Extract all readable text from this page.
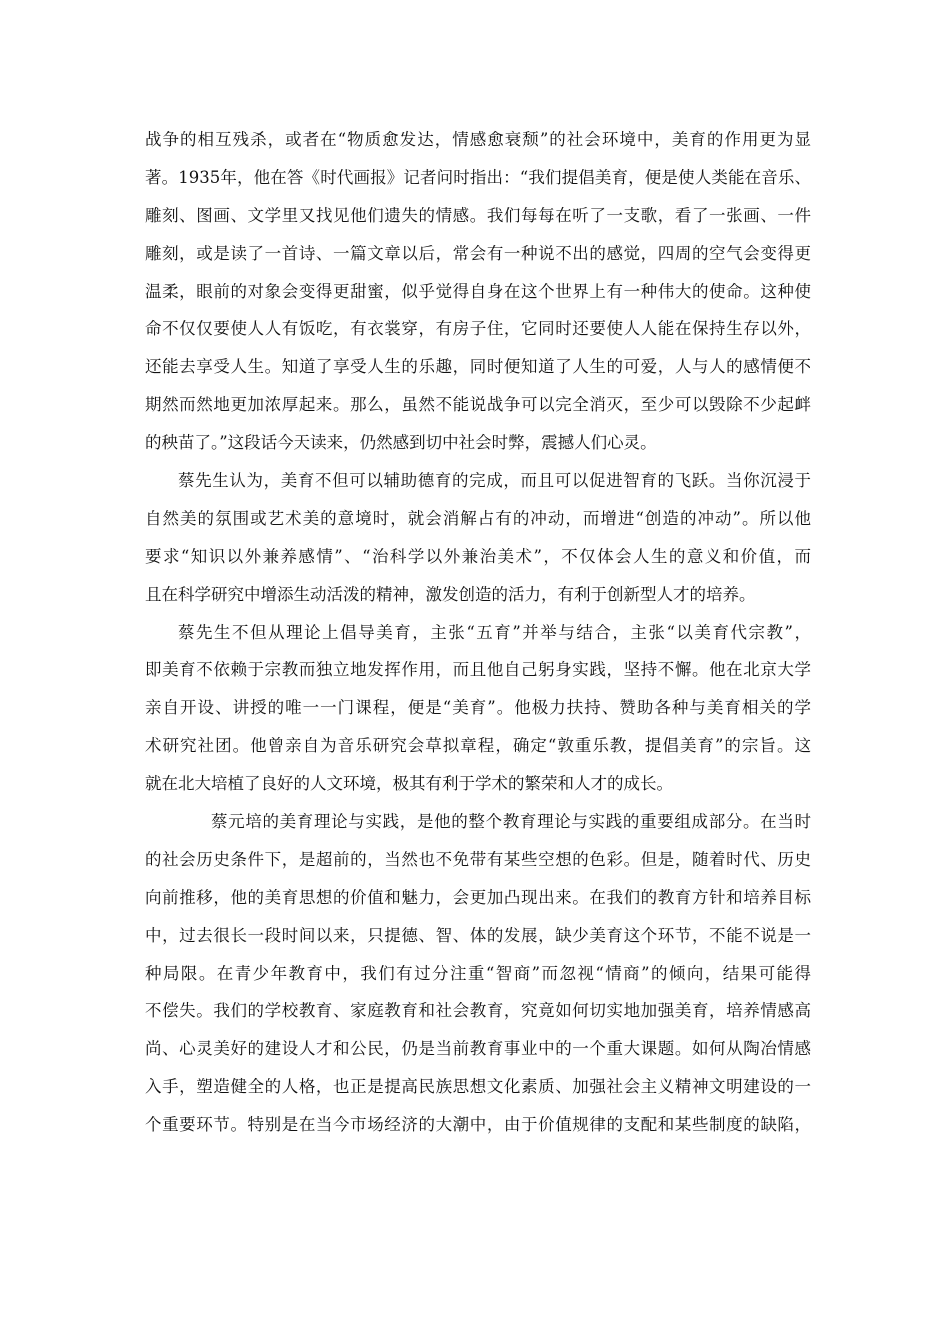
战争的相互残杀，或者在“物质愈发达，情感愈衰颓”的社会环境中，美育的作用更为显
著。1935年，他在答《时代画报》记者问时指出：“我们提倡美育，便是使人类能在音乐、
雕刻、图画、文学里又找见他们遗失的情感。我们每每在听了一支歌，看了一张画、一件
雕刻，或是读了一首诗、一篇文章以后，常会有一种说不出的感觉，四周的空气会变得更
温柔，眼前的对象会变得更甜蜜，似乎觉得自身在这个世界上有一种伟大的使命。这种使
命不仅仅要使人人有饭吃，有衣裳穿，有房子住，它同时还要使人人能在保持生存以外，
还能去享受人生。知道了享受人生的乐趣，同时便知道了人生的可爱，人与人的感情便不
期然而然地更加浓厚起来。那么，虽然不能说战争可以完全消灭，至少可以毁除不少起衅
的秧苗了。”这段话今天读来，仍然感到切中社会时弊，震撼人们心灵。
蔡先生认为，美育不但可以辅助德育的完成，而且可以促进智育的飞跃。当你沉浸于
自然美的氛围或艺术美的意境时，就会消解占有的冲动，而增进“创造的冲动”。所以他
要求“知识以外兼养感情”、“治科学以外兼治美术”，不仅体会人生的意义和价值，而
且在科学研究中增添生动活泼的精神，激发创造的活力，有利于创新型人才的培养。
蔡先生不但从理论上倡导美育，主张“五育”并举与结合，主张“以美育代宗教”，
即美育不依赖于宗教而独立地发挥作用，而且他自己躬身实践，坚持不懈。他在北京大学
亲自开设、讲授的唯一一门课程，便是“美育”。他极力扶持、赞助各种与美育相关的学
术研究社团。他曾亲自为音乐研究会草拟章程，确定“敦重乐教，提倡美育”的宗旨。这
就在北大培植了良好的人文环境，极其有利于学术的繁荣和人才的成长。
蔡元培的美育理论与实践，是他的整个教育理论与实践的重要组成部分。在当时
的社会历史条件下，是超前的，当然也不免带有某些空想的色彩。但是，随着时代、历史
向前推移，他的美育思想的价值和魅力，会更加凸现出来。在我们的教育方针和培养目标
中，过去很长一段时间以来，只提德、智、体的发展，缺少美育这个环节，不能不说是一
种局限。在青少年教育中，我们有过分注重“智商”而忽视“情商”的倾向，结果可能得
不偿失。我们的学校教育、家庭教育和社会教育，究竟如何切实地加强美育，培养情感高
尚、心灵美好的建设人才和公民，仍是当前教育事业中的一个重大课题。如何从陶冶情感
入手，塑造健全的人格，也正是提高民族思想文化素质、加强社会主义精神文明建设的一
个重要环节。特别是在当今市场经济的大潮中，由于价值规律的支配和某些制度的缺陷，
